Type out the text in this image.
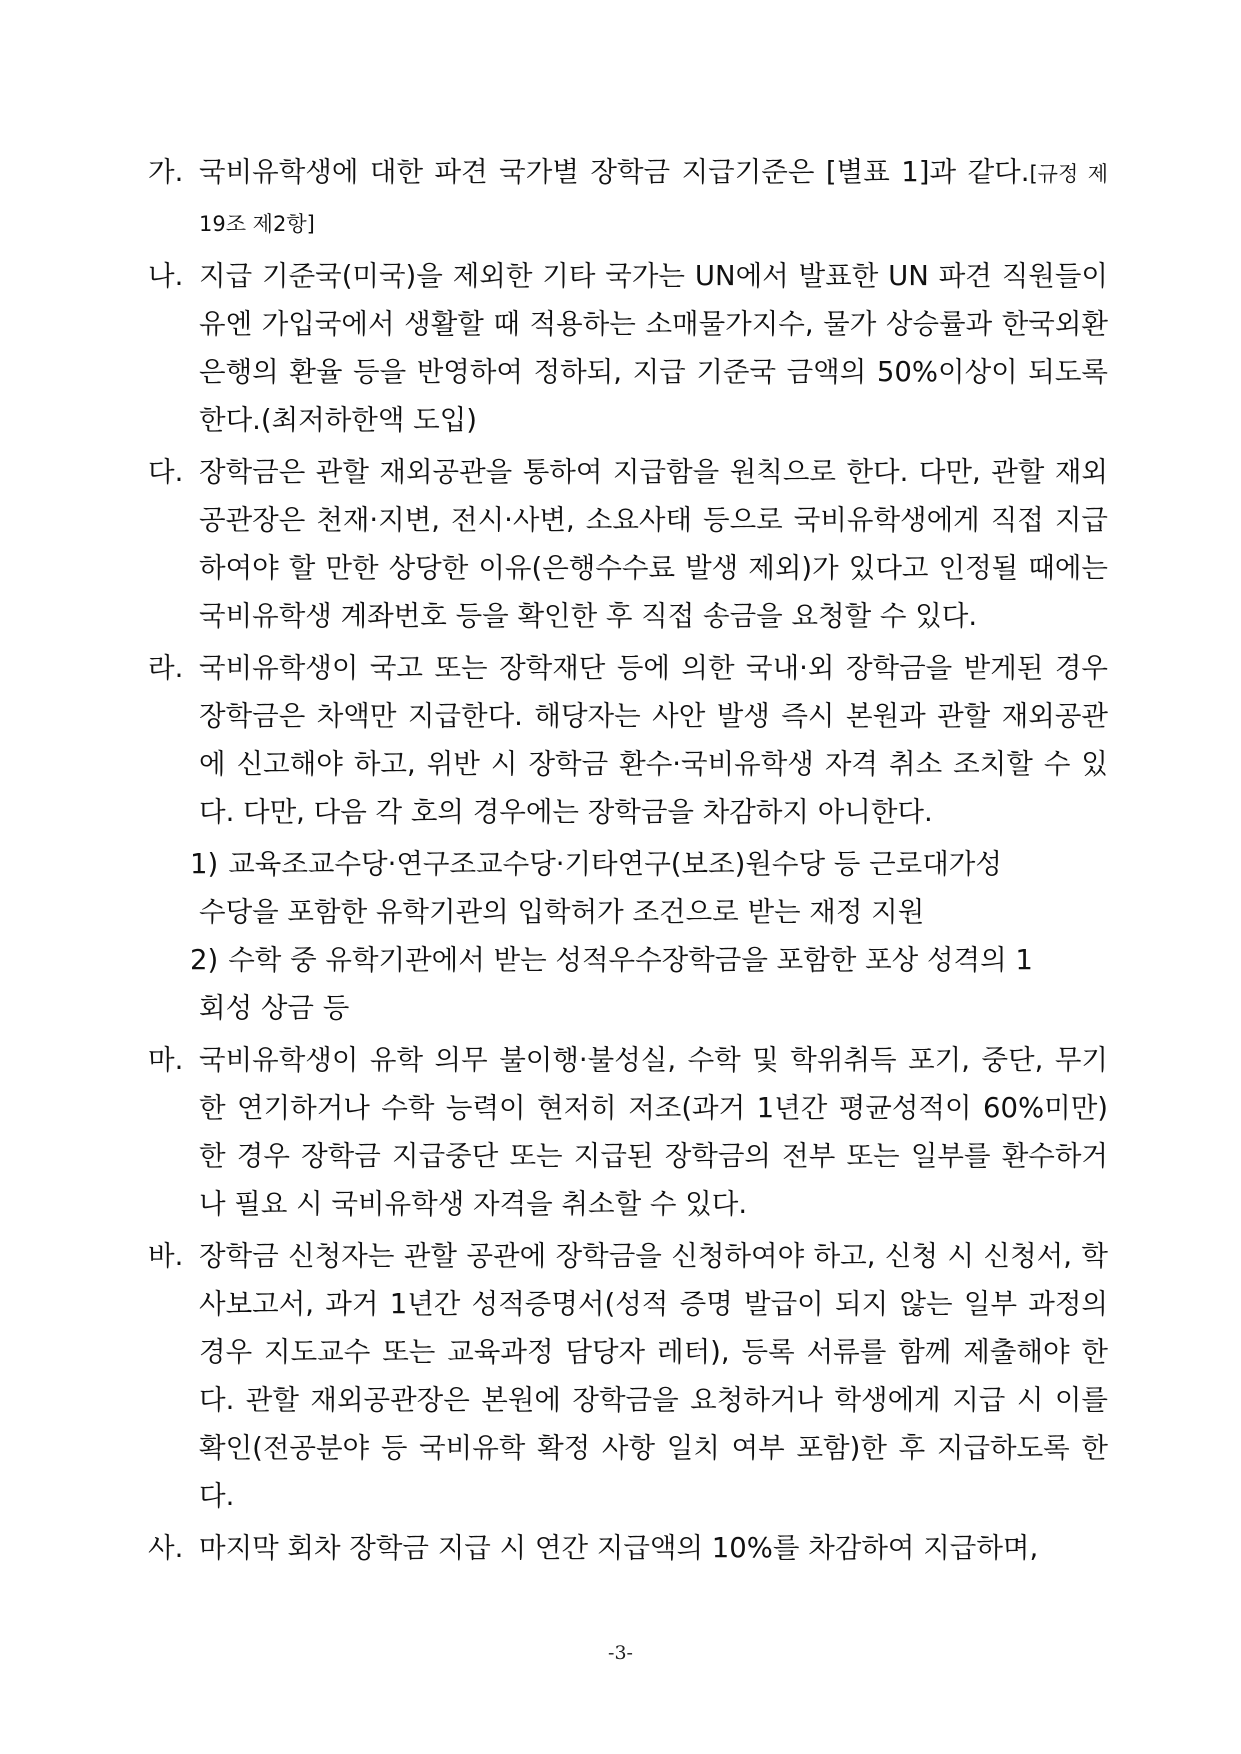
가. 국비유학생에 대한 파견 국가별 장학금 지급기준은 [별표 1]과 같다.[규정 제19조 제2항]
나. 지급 기준국(미국)을 제외한 기타 국가는 UN에서 발표한 UN 파견 직원들이 유엔 가입국에서 생활할 때 적용하는 소매물가지수, 물가 상승률과 한국외환은행의 환율 등을 반영하여 정하되, 지급 기준국 금액의 50%이상이 되도록 한다.(최저하한액 도입)
다. 장학금은 관할 재외공관을 통하여 지급함을 원칙으로 한다. 다만, 관할 재외공관장은 천재·지변, 전시·사변, 소요사태 등으로 국비유학생에게 직접 지급하여야 할 만한 상당한 이유(은행수수료 발생 제외)가 있다고 인정될 때에는 국비유학생 계좌번호 등을 확인한 후 직접 송금을 요청할 수 있다.
라. 국비유학생이 국고 또는 장학재단 등에 의한 국내·외 장학금을 받게된 경우 장학금은 차액만 지급한다. 해당자는 사안 발생 즉시 본원과 관할 재외공관에 신고해야 하고, 위반 시 장학금 환수·국비유학생 자격 취소 조치할 수 있다. 다만, 다음 각 호의 경우에는 장학금을 차감하지 아니한다.
1) 교육조교수당·연구조교수당·기타연구(보조)원수당 등 근로대가성
수당을 포함한 유학기관의 입학허가 조건으로 받는 재정 지원
2) 수학 중 유학기관에서 받는 성적우수장학금을 포함한 포상 성격의 1
회성 상금 등
마. 국비유학생이 유학 의무 불이행·불성실, 수학 및 학위취득 포기, 중단, 무기한 연기하거나 수학 능력이 현저히 저조(과거 1년간 평균성적이 60%미만)한 경우 장학금 지급중단 또는 지급된 장학금의 전부 또는 일부를 환수하거나 필요 시 국비유학생 자격을 취소할 수 있다.
바. 장학금 신청자는 관할 공관에 장학금을 신청하여야 하고, 신청 시 신청서, 학사보고서, 과거 1년간 성적증명서(성적 증명 발급이 되지 않는 일부 과정의 경우 지도교수 또는 교육과정 담당자 레터), 등록 서류를 함께 제출해야 한다. 관할 재외공관장은 본원에 장학금을 요청하거나 학생에게 지급 시 이를 확인(전공분야 등 국비유학 확정 사항 일치 여부 포함)한 후 지급하도록 한다.
사. 마지막 회차 장학금 지급 시 연간 지급액의 10%를 차감하여 지급하며,
-3-
